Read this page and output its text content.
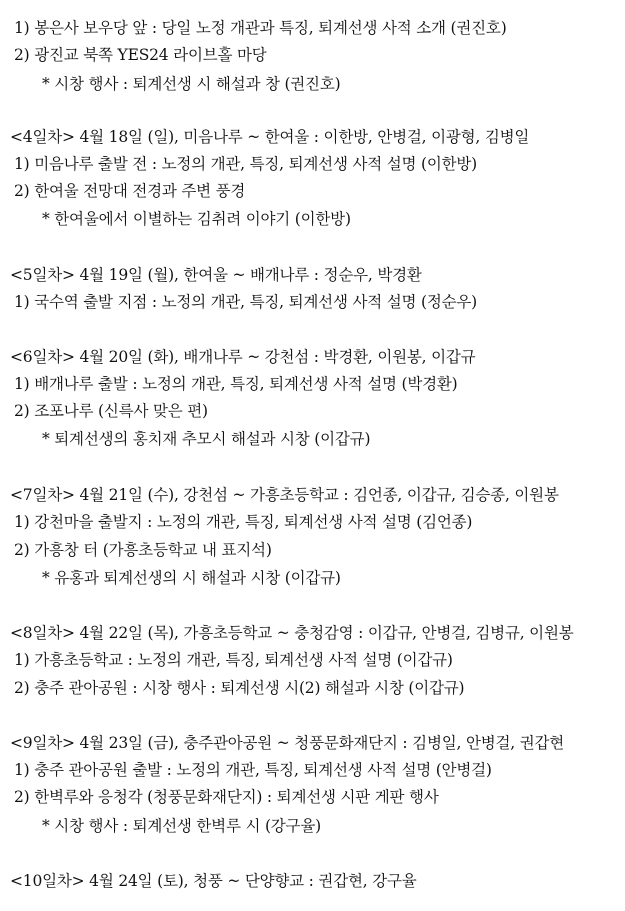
1) 봉은사 보우당 앞 : 당일 노정 개관과 특징, 퇴계선생 사적 소개 (권진호)
2) 광진교 북쪽 YES24 라이브홀 마당
* 시창 행사 : 퇴계선생 시 해설과 창 (권진호)
<4일차> 4월 18일 (일), 미음나루 ~ 한여울 : 이한방, 안병걸, 이광형, 김병일
1) 미음나루 출발 전 : 노정의 개관, 특징, 퇴계선생 사적 설명 (이한방)
2) 한여울 전망대 전경과 주변 풍경
* 한여울에서 이별하는 김취려 이야기 (이한방)
<5일차> 4월 19일 (월), 한여울 ~ 배개나루 : 정순우, 박경환
1) 국수역 출발 지점 : 노정의 개관, 특징, 퇴계선생 사적 설명 (정순우)
<6일차> 4월 20일 (화), 배개나루 ~ 강천섬 : 박경환, 이원봉, 이갑규
1) 배개나루 출발 : 노정의 개관, 특징, 퇴계선생 사적 설명 (박경환)
2) 조포나루 (신륵사 맞은 편)
* 퇴계선생의 홍치재 추모시 해설과 시창 (이갑규)
<7일차> 4월 21일 (수), 강천섬 ~ 가흥초등학교 : 김언종, 이갑규, 김승종, 이원봉
1) 강천마을 출발지 : 노정의 개관, 특징, 퇴계선생 사적 설명 (김언종)
2) 가흥창 터 (가흥초등학교 내 표지석)
* 유홍과 퇴계선생의 시 해설과 시창 (이갑규)
<8일차> 4월 22일 (목), 가흥초등학교 ~ 충청감영 : 이갑규, 안병걸, 김병규, 이원봉
1) 가흥초등학교 : 노정의 개관, 특징, 퇴계선생 사적 설명 (이갑규)
2) 충주 관아공원 : 시창 행사 : 퇴계선생 시(2) 해설과 시창 (이갑규)
<9일차> 4월 23일 (금), 충주관아공원 ~ 청풍문화재단지 : 김병일, 안병걸, 권갑현
1) 충주 관아공원 출발 : 노정의 개관, 특징, 퇴계선생 사적 설명 (안병걸)
2) 한벽루와 응청각 (청풍문화재단지) : 퇴계선생 시판 게판 행사
* 시창 행사 : 퇴계선생 한벽루 시 (강구율)
<10일차> 4월 24일 (토), 청풍 ~ 단양향교 : 권갑현, 강구율
